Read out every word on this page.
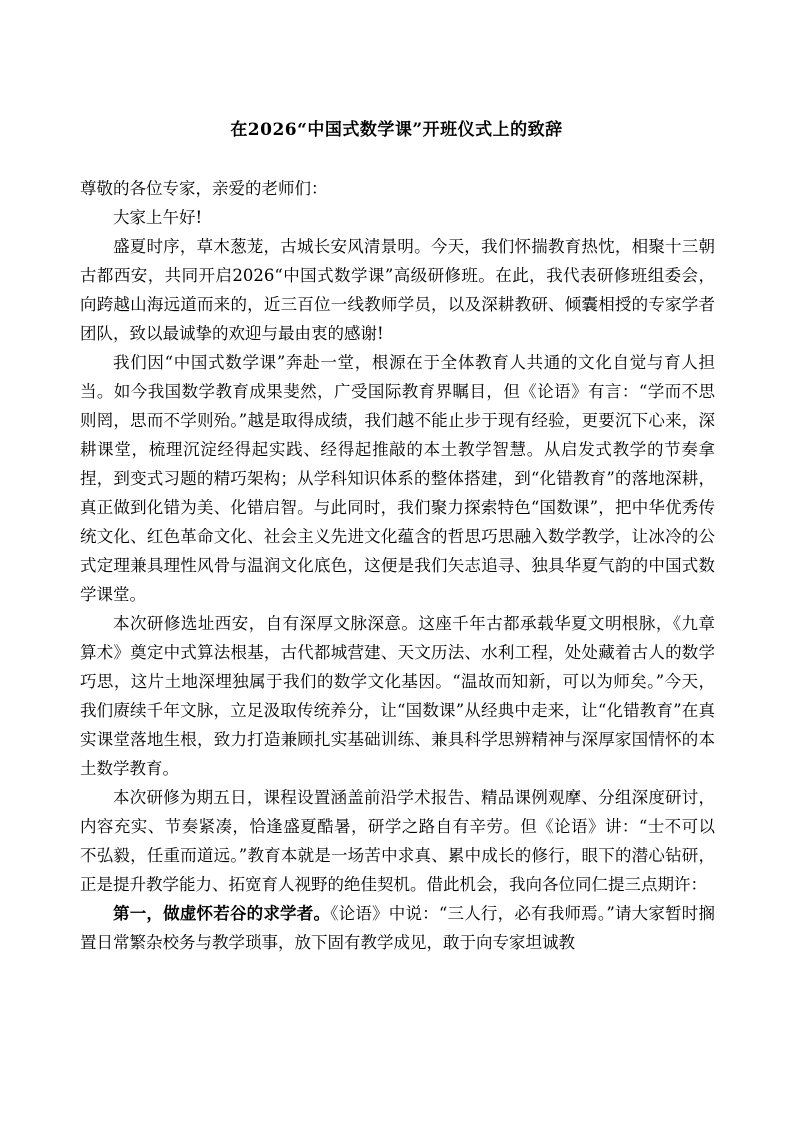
在2026“中国式数学课”开班仪式上的致辞

尊敬的各位专家，亲爱的老师们：

大家上午好!

盛夏时序，草木葱茏，古城长安风清景明。今天，我们怀揣教育热忱，相聚十三朝古都西安，共同开启2026“中国式数学课”高级研修班。在此，我代表研修班组委会，向跨越山海远道而来的，近三百位一线教师学员，以及深耕教研、倾囊相授的专家学者团队，致以最诚挚的欢迎与最由衷的感谢!

我们因“中国式数学课”奔赴一堂，根源在于全体教育人共通的文化自觉与育人担当。如今我国数学教育成果斐然，广受国际教育界瞩目，但《论语》有言：“学而不思则罔，思而不学则殆。”越是取得成绩，我们越不能止步于现有经验，更要沉下心来，深耕课堂，梳理沉淀经得起实践、经得起推敲的本土教学智慧。从启发式教学的节奏拿捏，到变式习题的精巧架构；从学科知识体系的整体搭建，到“化错教育”的落地深耕，真正做到化错为美、化错启智。与此同时，我们聚力探索特色“国数课”，把中华优秀传统文化、红色革命文化、社会主义先进文化蕴含的哲思巧思融入数学教学，让冰冷的公式定理兼具理性风骨与温润文化底色，这便是我们矢志追寻、独具华夏气韵的中国式数学课堂。

本次研修选址西安，自有深厚文脉深意。这座千年古都承载华夏文明根脉，《九章算术》奠定中式算法根基，古代都城营建、天文历法、水利工程，处处藏着古人的数学巧思，这片土地深埋独属于我们的数学文化基因。“温故而知新，可以为师矣。”今天，我们赓续千年文脉，立足汲取传统养分，让“国数课”从经典中走来，让“化错教育”在真实课堂落地生根，致力打造兼顾扎实基础训练、兼具科学思辨精神与深厚家国情怀的本土数学教育。

本次研修为期五日，课程设置涵盖前沿学术报告、精品课例观摩、分组深度研讨，内容充实、节奏紧凑，恰逢盛夏酷暑，研学之路自有辛劳。但《论语》讲：“士不可以不弘毅，任重而道远。”教育本就是一场苦中求真、累中成长的修行，眼下的潜心钻研，正是提升教学能力、拓宽育人视野的绝佳契机。借此机会，我向各位同仁提三点期许：

第一，做虚怀若谷的求学者。《论语》中说：“三人行，必有我师焉。”请大家暂时搁置日常繁杂校务与教学琐事，放下固有教学成见，敢于向专家坦诚教
